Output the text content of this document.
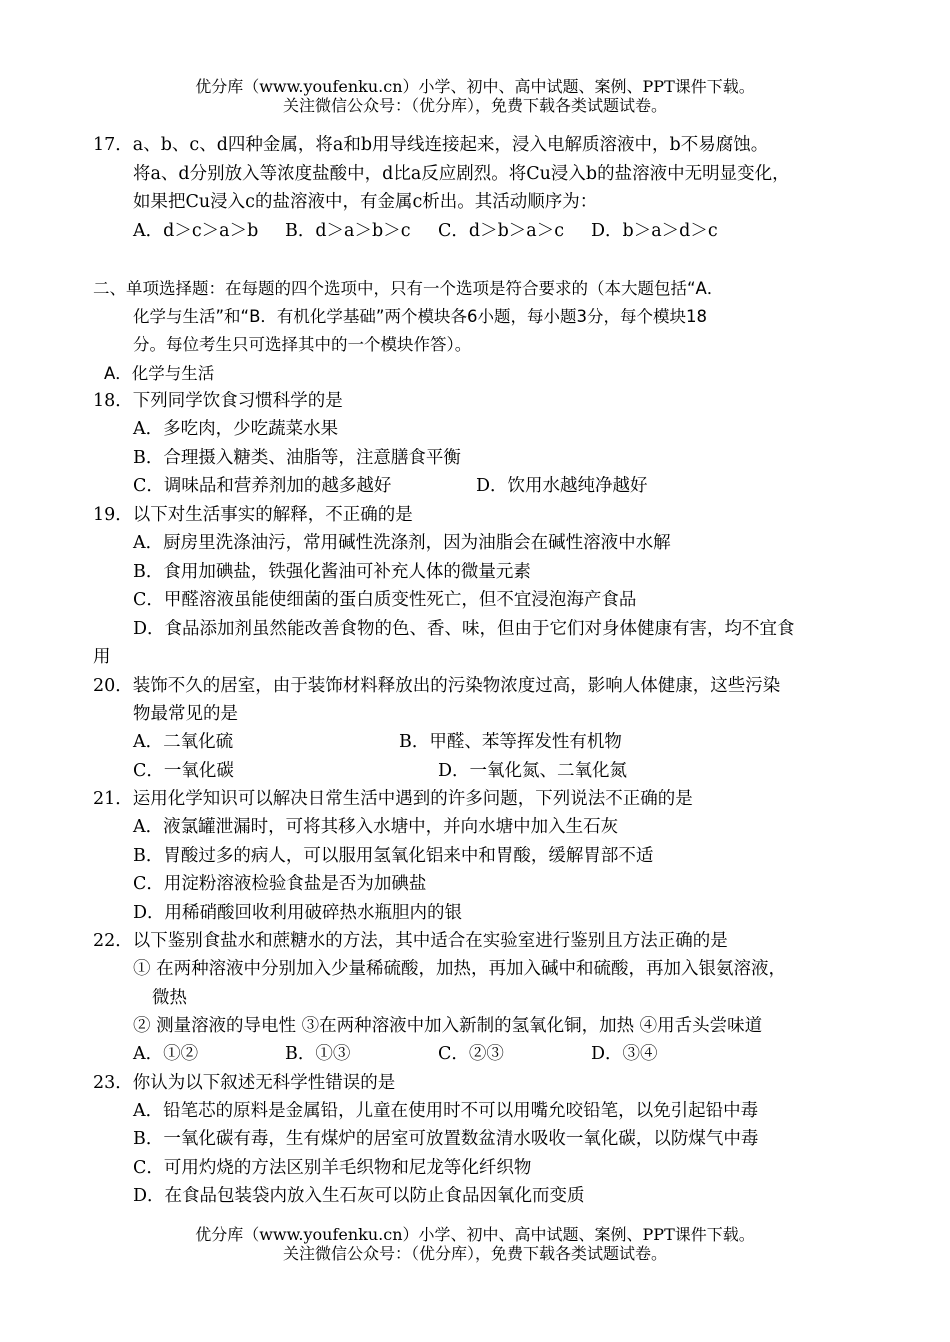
优分库（www.youfenku.cn）小学、初中、高中试题、案例、PPT课件下载。
关注微信公众号：（优分库），免费下载各类试题试卷。
17．a、b、c、d四种金属，将a和b用导线连接起来，浸入电解质溶液中，b不易腐蚀。
将a、d分别放入等浓度盐酸中，d比a反应剧烈。将Cu浸入b的盐溶液中无明显变化，
如果把Cu浸入c的盐溶液中，有金属c析出。其活动顺序为：
A．d＞c＞a＞b B．d＞a＞b＞c C．d＞b＞a＞c D．b＞a＞d＞c
二、单项选择题：在每题的四个选项中，只有一个选项是符合要求的（本大题包括“A．
化学与生活”和“B．有机化学基础”两个模块各6小题，每小题3分，每个模块18
分。每位考生只可选择其中的一个模块作答）。
A．化学与生活
18．下列同学饮食习惯科学的是
A．多吃肉，少吃蔬菜水果
B．合理摄入糖类、油脂等，注意膳食平衡
C．调味品和营养剂加的越多越好	D．饮用水越纯净越好
19．以下对生活事实的解释，不正确的是
A．厨房里洗涤油污，常用碱性洗涤剂，因为油脂会在碱性溶液中水解
B．食用加碘盐，铁强化酱油可补充人体的微量元素
C．甲醛溶液虽能使细菌的蛋白质变性死亡，但不宜浸泡海产食品
D．食品添加剂虽然能改善食物的色、香、味，但由于它们对身体健康有害，均不宜食
用
20．装饰不久的居室，由于装饰材料释放出的污染物浓度过高，影响人体健康，这些污染
物最常见的是
A．二氧化硫	B．甲醛、苯等挥发性有机物
C．一氧化碳	D．一氧化氮、二氧化氮
21．运用化学知识可以解决日常生活中遇到的许多问题，下列说法不正确的是
A．液氯罐泄漏时，可将其移入水塘中，并向水塘中加入生石灰
B．胃酸过多的病人，可以服用氢氧化铝来中和胃酸，缓解胃部不适
C．用淀粉溶液检验食盐是否为加碘盐
D．用稀硝酸回收利用破碎热水瓶胆内的银
22．以下鉴别食盐水和蔗糖水的方法，其中适合在实验室进行鉴别且方法正确的是
① 在两种溶液中分别加入少量稀硫酸，加热，再加入碱中和硫酸，再加入银氨溶液，
微热
② 测量溶液的导电性 ③在两种溶液中加入新制的氢氧化铜，加热 ④用舌头尝味道
A．①②	B．①③	C．②③	D．③④
23．你认为以下叙述无科学性错误的是
A．铅笔芯的原料是金属铅，儿童在使用时不可以用嘴允咬铅笔，以免引起铅中毒
B．一氧化碳有毒，生有煤炉的居室可放置数盆清水吸收一氧化碳，以防煤气中毒
C．可用灼烧的方法区别羊毛织物和尼龙等化纤织物
D．在食品包装袋内放入生石灰可以防止食品因氧化而变质
优分库（www.youfenku.cn）小学、初中、高中试题、案例、PPT课件下载。
关注微信公众号：（优分库），免费下载各类试题试卷。
